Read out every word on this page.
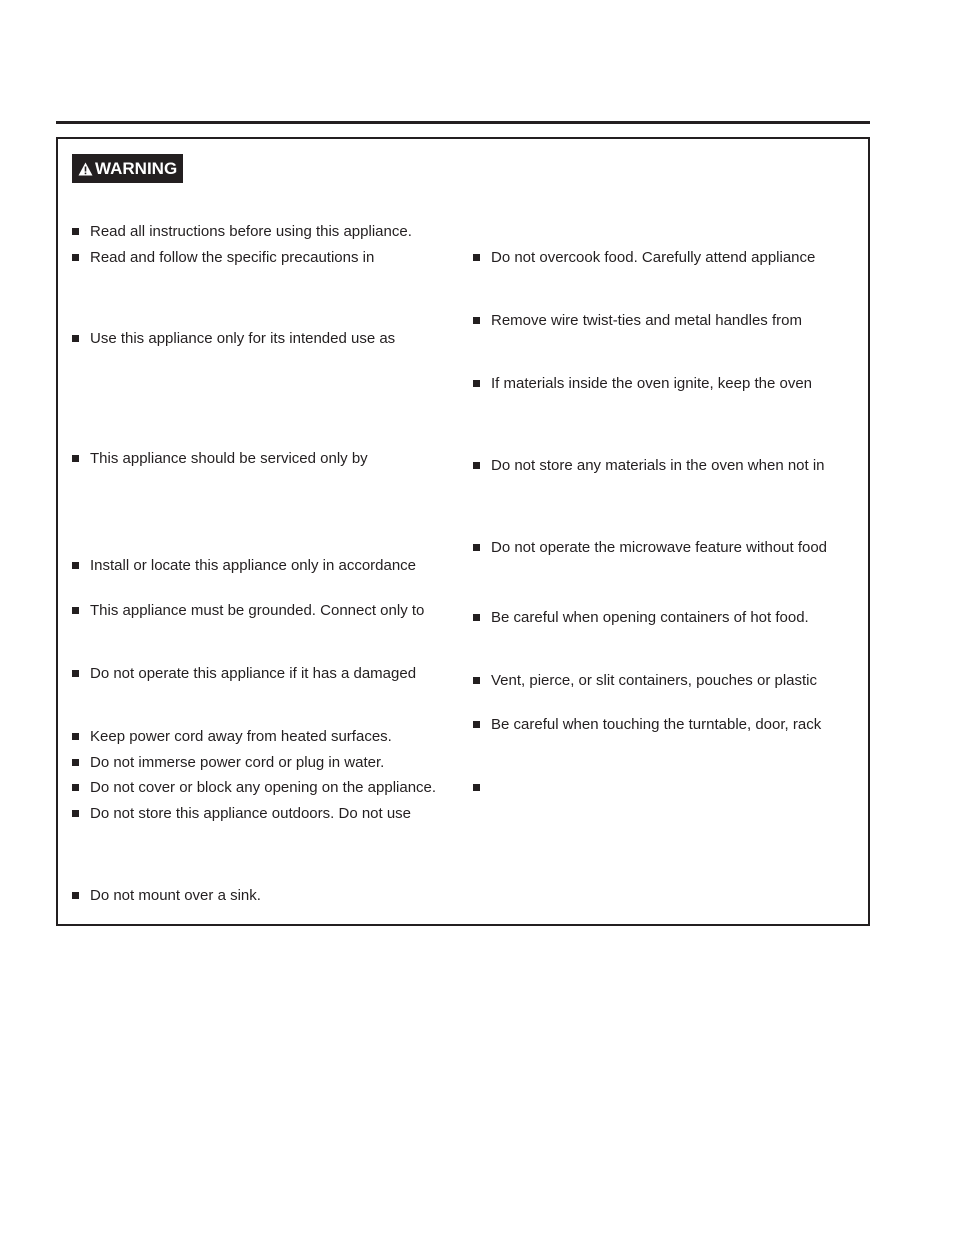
WARNING
Read all instructions before using this appliance.
Read and follow the specific precautions in
Use this appliance only for its intended use as
This appliance should be serviced only by
Install or locate this appliance only in accordance
This appliance must be grounded. Connect only to
Do not operate this appliance if it has a damaged
Keep power cord away from heated surfaces.
Do not immerse power cord or plug in water.
Do not cover or block any opening on the appliance.
Do not store this appliance outdoors. Do not use
Do not mount over a sink.
Do not overcook food. Carefully attend appliance
Remove wire twist-ties and metal handles from
If materials inside the oven ignite, keep the oven
Do not store any materials in the oven when not in
Do not operate the microwave feature without food
Be careful when opening containers of hot food.
Vent, pierce, or slit containers, pouches or plastic
Be careful when touching the turntable, door, rack
